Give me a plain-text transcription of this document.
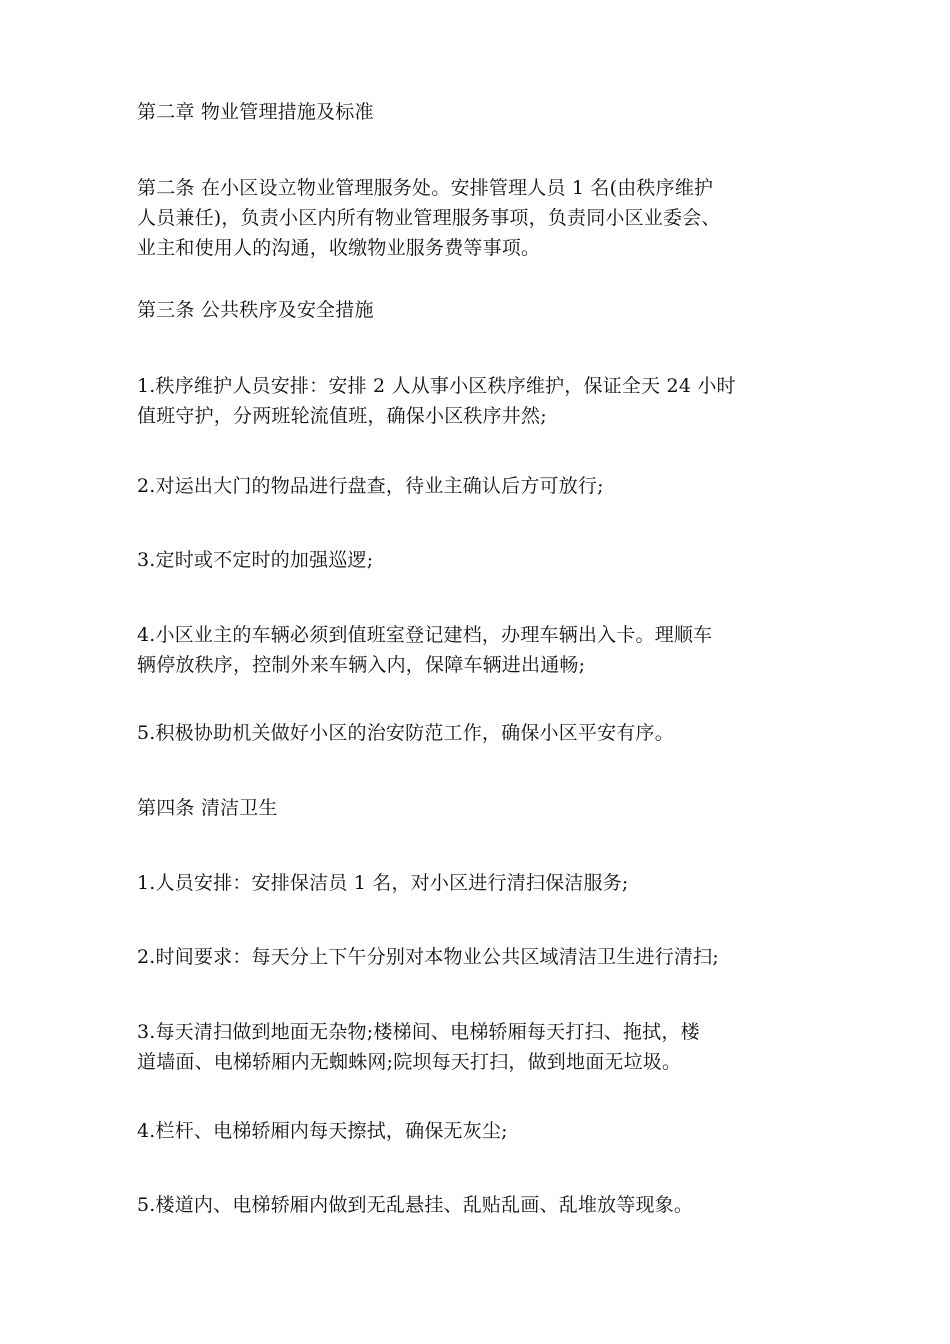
第二章 物业管理措施及标准

第二条 在小区设立物业管理服务处。安排管理人员 1 名(由秩序维护
人员兼任)，负责小区内所有物业管理服务事项，负责同小区业委会、
业主和使用人的沟通，收缴物业服务费等事项。

第三条 公共秩序及安全措施

1.秩序维护人员安排：安排 2 人从事小区秩序维护，保证全天 24 小时
值班守护，分两班轮流值班，确保小区秩序井然;

2.对运出大门的物品进行盘查，待业主确认后方可放行;

3.定时或不定时的加强巡逻;

4.小区业主的车辆必须到值班室登记建档，办理车辆出入卡。理顺车
辆停放秩序，控制外来车辆入内，保障车辆进出通畅;

5.积极协助机关做好小区的治安防范工作，确保小区平安有序。

第四条 清洁卫生

1.人员安排：安排保洁员 1 名，对小区进行清扫保洁服务;

2.时间要求：每天分上下午分别对本物业公共区域清洁卫生进行清扫;

3.每天清扫做到地面无杂物;楼梯间、电梯轿厢每天打扫、拖拭，楼
道墙面、电梯轿厢内无蜘蛛网;院坝每天打扫，做到地面无垃圾。

4.栏杆、电梯轿厢内每天擦拭，确保无灰尘;

5.楼道内、电梯轿厢内做到无乱悬挂、乱贴乱画、乱堆放等现象。
